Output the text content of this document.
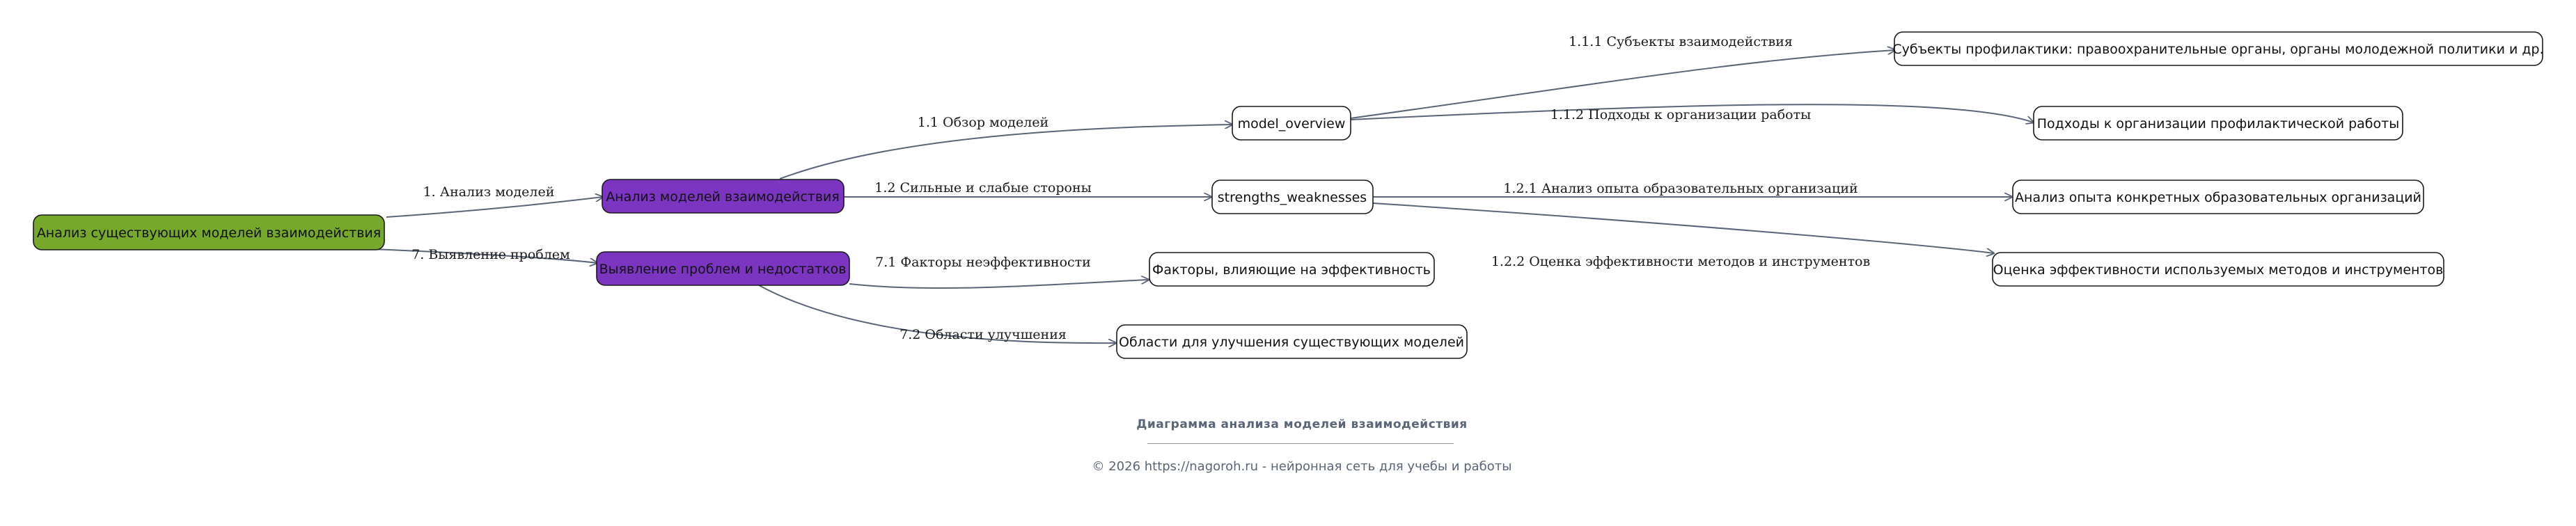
1. Анализ моделей
7. Выявление проблем
1.1 Обзор моделей
1.2 Сильные и слабые стороны
7.1 Факторы неэффективности
7.2 Области улучшения
1.1.1 Субъекты взаимодействия
1.1.2 Подходы к организации работы
1.2.1 Анализ опыта образовательных организаций
1.2.2 Оценка эффективности методов и инструментов
Анализ существующих моделей взаимодействия
Анализ моделей взаимодействия
Выявление проблем и недостатков
model_overview
strengths_weaknesses
Факторы, влияющие на эффективность
Области для улучшения существующих моделей
Субъекты профилактики: правоохранительные органы, органы молодежной политики и др.
Подходы к организации профилактической работы
Анализ опыта конкретных образовательных организаций
Оценка эффективности используемых методов и инструментов
Диаграмма анализа моделей взаимодействия
© 2026 https://nagoroh.ru - нейронная сеть для учебы и работы
